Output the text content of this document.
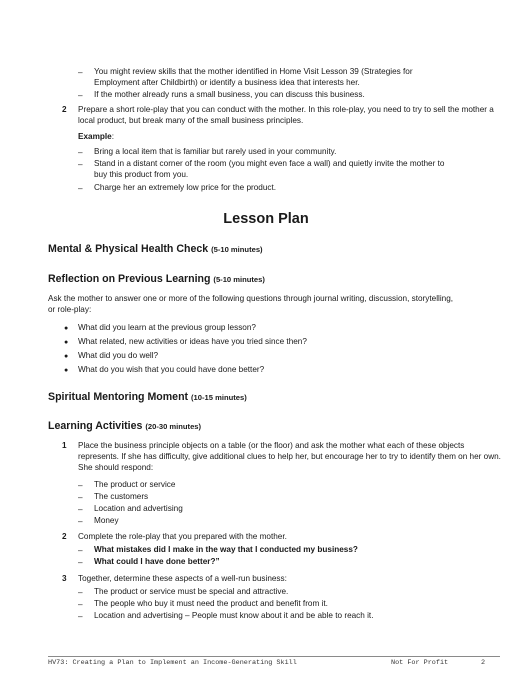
– You might review skills that the mother identified in Home Visit Lesson 39 (Strategies for Employment after Childbirth) or identify a business idea that interests her.

– If the mother already runs a small business, you can discuss this business.

2 Prepare a short role-play that you can conduct with the mother. In this role-play, you need to try to sell the mother a local product, but break many of the small business principles.

Example:

– Bring a local item that is familiar but rarely used in your community.

– Stand in a distant corner of the room (you might even face a wall) and quietly invite the mother to buy this product from you.

– Charge her an extremely low price for the product.

Lesson Plan
Mental & Physical Health Check (5-10 minutes)
Reflection on Previous Learning (5-10 minutes)

Ask the mother to answer one or more of the following questions through journal writing, discussion, storytelling, or role-play:

● What did you learn at the previous group lesson?

● What related, new activities or ideas have you tried since then?

● What did you do well?

● What do you wish that you could have done better?

Spiritual Mentoring Moment (10-15 minutes)
Learning Activities (20-30 minutes)
1 Place the business principle objects on a table (or the floor) and ask the mother what each of these objects represents. If she has difficulty, give additional clues to help her, but encourage her to try to identify them on her own. She should respond:

– The product or service

– The customers

– Location and advertising

– Money

2 Complete the role-play that you prepared with the mother.

– What mistakes did I make in the way that I conducted my business?

– What could I have done better?”

3 Together, determine these aspects of a well-run business:

– The product or service must be special and attractive.

– The people who buy it must need the product and benefit from it.

– Location and advertising – People must know about it and be able to reach it.

HV73: Creating a Plan to Implement an Income-Generating Skill	Not For Profit	2
